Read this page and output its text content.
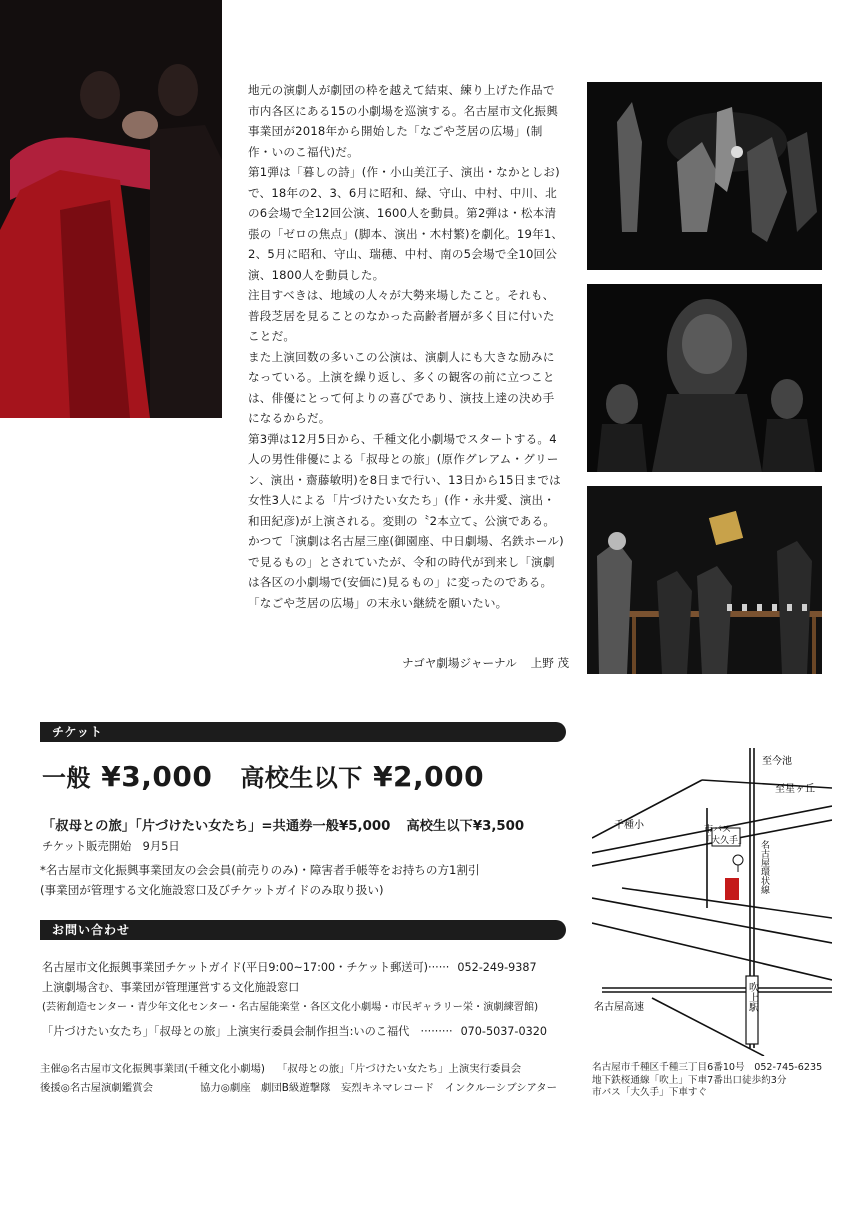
地元の演劇人が劇団の枠を越えて結束、練り上げた作品で市内各区にある15の小劇場を巡演する。名古屋市文化振興事業団が2018年から開始した「なごや芝居の広場」(制作・いのこ福代)だ。

第1弾は「暮しの詩」(作・小山美江子、演出・なかとしお)で、18年の2、3、6月に昭和、緑、守山、中村、中川、北の6会場で全12回公演、1600人を動員。第2弾は・松本清張の「ゼロの焦点」(脚本、演出・木村繁)を劇化。19年1、2、5月に昭和、守山、瑞穂、中村、南の5会場で全10回公演、1800人を動員した。

注目すべきは、地域の人々が大勢来場したこと。それも、普段芝居を見ることのなかった高齢者層が多く目に付いたことだ。

また上演回数の多いこの公演は、演劇人にも大きな励みになっている。上演を繰り返し、多くの観客の前に立つことは、俳優にとって何よりの喜びであり、演技上達の決め手になるからだ。

第3弾は12月5日から、千種文化小劇場でスタートする。4人の男性俳優による「叔母との旅」(原作グレアム・グリーン、演出・齋藤敏明)を8日まで行い、13日から15日までは女性3人による「片づけたい女たち」(作・永井愛、演出・和田紀彦)が上演される。変則の〝2本立て〟公演である。かつて「演劇は名古屋三座(御園座、中日劇場、名鉄ホール)で見るもの」とされていたが、令和の時代が到来し「演劇は各区の小劇場で(安価に)見るもの」に変ったのである。「なごや芝居の広場」の末永い継続を願いたい。

ナゴヤ劇場ジャーナル 上野 茂
チケット
一般 ¥3,000 高校生以下 ¥2,000
「叔母との旅」「片づけたい女たち」=共通券一般¥5,000 高校生以下¥3,500
チケット販売開始　9月5日
*名古屋市文化振興事業団友の会会員(前売りのみ)・障害者手帳等をお持ちの方1割引
(事業団が管理する文化施設窓口及びチケットガイドのみ取り扱い)
お問い合わせ
名古屋市文化振興事業団チケットガイド(平日9:00~17:00・チケット郵送可)······ 052-249-9387
上演劇場含む、事業団が管理運営する文化施設窓口
(芸術創造センター・青少年文化センター・名古屋能楽堂・各区文化小劇場・市民ギャラリー栄・演劇練習館)
「片づけたい女たち」「叔母との旅」上演実行委員会制作担当:いのこ福代　········· 070-5037-0320
主催◎名古屋市文化振興事業団(千種文化小劇場) 「叔母との旅」「片づけたい女たち」上演実行委員会
後援◎名古屋演劇鑑賞会	協力◎劇座　劇団B級遊撃隊　妄烈キネマレコード　インクルーシブシアター
至今池
至星ヶ丘
千種小	市バス
「大久手」 名古屋環状線
吹上駅
名古屋高速
名古屋市千種区千種三丁目6番10号　052-745-6235
地下鉄桜通線「吹上」下車7番出口徒歩約3分
市バス「大久手」下車すぐ
